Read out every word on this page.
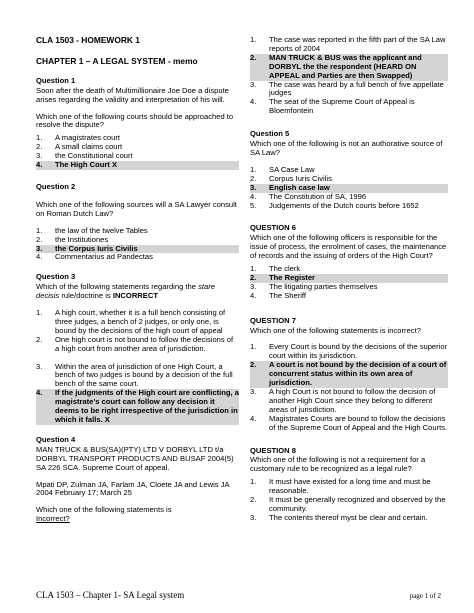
CLA 1503 - HOMEWORK 1
CHAPTER 1 – A LEGAL SYSTEM - memo
Question 1

Soon after the death of Multimillionaire Joe Doe a dispute arises regarding the validity and interpretation of his will.

Which one of the following courts should be approached to resolve the dispute?

1.	A magistrates court
2.	A small claims court
3.	the Constitutional court
4.	The High Court X
Question 2

Which one of the following sources will a SA Lawyer consult on Roman Dutch Law?

1.	the law of the twelve Tables
2.	the Institutiones
3.	the Corpus Iuris Civilis
4.	Commentarius ad Pandectas
Question 3

Which of the following statements regarding the stare decisis rule/doctrine is INCORRECT

1.	A high court, whether it is a full bench consisting of three judges, a bench of 2 judges, or only one, is bound by the decisions of the high court of appeal
2.	One high court is not bound to follow the decisions of a high court from another area of jurisdiction.
3.	Within the area of jurisdiction of one High Court, a bench of two judges is bound by a decision of the full bench of the same court.
4.	If the judgments of the High court are conflicting, a magistrate's court can follow any decision it deems to be right irrespective of the jurisdiction in which it falls. X
Question 4

MAN TRUCK & BUS(SA)(PTY) LTD V DORBYL LTD t/a DORBYL TRANSPORT PRODUCTS AND BUSAF 2004(5) SA 226 SCA. Supreme Court of appeal.

Mpati DP, Zulman JA, Farlam JA, Cloete JA and Lewis JA

2004 February 17; March 25

Which one of the following statements is
Incorrect?

1.	The case was reported in the fifth part of the SA Law reports of 2004
2.	MAN TRUCK & BUS was the applicant and DORBYL the the respondent (HEARD ON APPEAL and Parties are then Swapped)
3.	The case was heard by a full bench of five appellate judges
4.	The seat of the Supreme Court of Appeal is Bloemfontein
Question 5

Which one of the following is not an authorative source of SA Law?

1.	SA Case Law
2.	Corpus Iuris Civilis
3.	English case law
4.	The Constitution of SA, 1996
5.	Judgements of the Dutch courts before 1652
QUESTION 6

Which one of the following officers is responsible for the issue of process, the enrolment of cases, the maintenance of records and the issuing of orders of the High Court?

1.	The clerk
2.	The Register
3.	The litigating parties themselves
4.	The Sheriff
QUESTION 7

Which one of the following statements is incorrect?

1.	Every Court is bound by the decisions of the superior court within its jurisdiction.
2.	A court is not bound by the decision of a court of concurrent status within its own area of jurisdiction.
3.	A high Court is not bound to follow the decision of another High Court since they belong to different areas of jurisdiction.
4.	Magistrates Courts are bound to follow the decisions of the Supreme Court of Appeal and the High Courts.
QUESTION 8

Which one of the following is not a requirement for a customary rule to be recognized as a legal rule?

1.	It must have existed for a long time and must be reasonable.
2.	It must be generally recognized and observed by the community.
3.	The contents thereof myst be clear and certain.
CLA 1503 – Chapter 1- SA Legal system	page 1 of 2
